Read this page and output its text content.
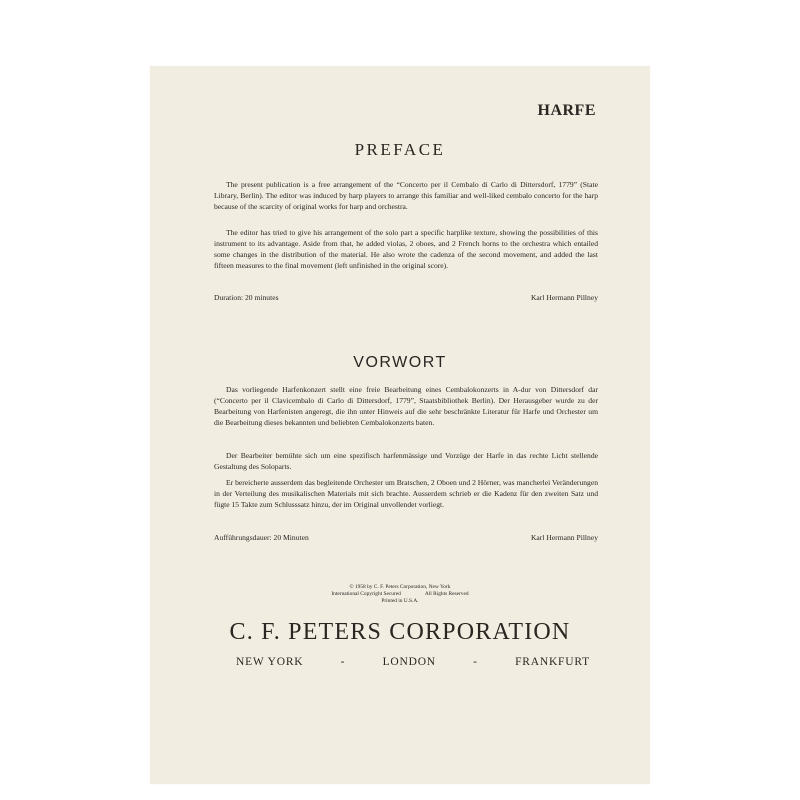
HARFE
PREFACE

The present publication is a free arrangement of the “Concerto per il Cembalo di Carlo di Dittersdorf, 1779” (State Library, Berlin). The editor was induced by harp players to arrange this familiar and well-liked cembalo concerto for the harp because of the scarcity of original works for harp and orchestra.

The editor has tried to give his arrangement of the solo part a specific harplike texture, showing the possibilities of this instrument to its advantage. Aside from that, he added violas, 2 oboes, and 2 French horns to the orchestra which entailed some changes in the distribution of the material. He also wrote the cadenza of the second movement, and added the last fifteen measures to the final movement (left unfinished in the original score).

Duration: 20 minutes	Karl Hermann Pillney
VORWORT

Das vorliegende Harfenkonzert stellt eine freie Bearbeitung eines Cembalokonzerts in A-dur von Dittersdorf dar (“Concerto per il Clavicembalo di Carlo di Dittersdorf, 1779”, Staatsbibliothek Berlin). Der Herausgeber wurde zu der Bearbeitung von Harfenisten angeregt, die ihn unter Hinweis auf die sehr beschränkte Literatur für Harfe und Orchester um die Bearbeitung dieses bekannten und beliebten Cembalokonzerts baten.

Der Bearbeiter bemühte sich um eine spezifisch harfenmässige und Vorzüge der Harfe in das rechte Licht stellende Gestaltung des Soloparts.

Er bereicherte ausserdem das begleitende Orchester um Bratschen, 2 Oboen und 2 Hörner, was mancherlei Veränderungen in der Verteilung des musikalischen Materials mit sich brachte. Ausserdem schrieb er die Kadenz für den zweiten Satz und fügte 15 Takte zum Schlusssatz hinzu, der im Original unvollendet vorliegt.

Aufführungsdauer: 20 Minuten	Karl Hermann Pillney
© 1958 by C. F. Peters Corporation, New York
International Copyright Secured	All Rights Reserved
Printed in U.S.A.
C. F. PETERS CORPORATION
NEW YORK	-	LONDON	-	FRANKFURT
